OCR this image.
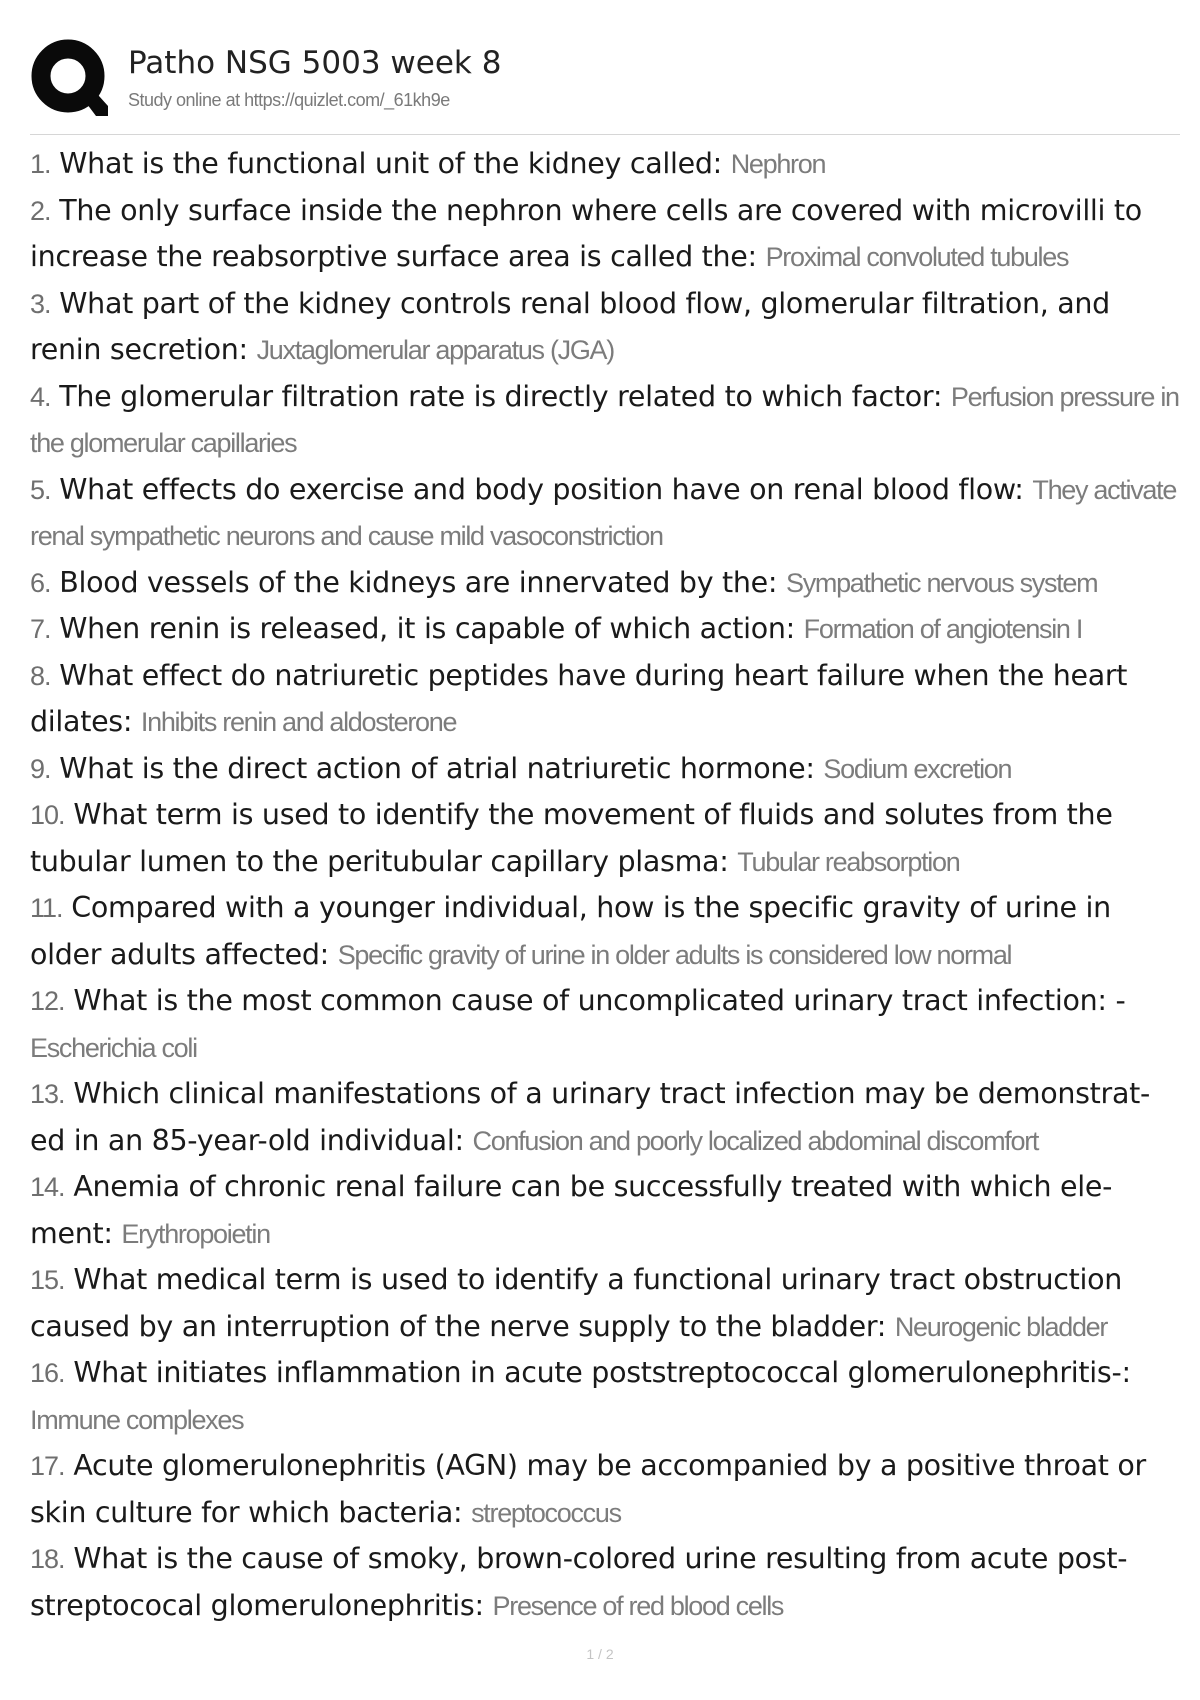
Patho NSG 5003 week 8
Study online at https://quizlet.com/_61kh9e
1. What is the functional unit of the kidney called: Nephron
2. The only surface inside the nephron where cells are covered with microvilli to increase the reabsorptive surface area is called the: Proximal convoluted tubules
3. What part of the kidney controls renal blood flow, glomerular filtration, and renin secretion: Juxtaglomerular apparatus (JGA)
4. The glomerular filtration rate is directly related to which factor: Perfusion pressure in the glomerular capillaries
5. What effects do exercise and body position have on renal blood flow: They activate renal sympathetic neurons and cause mild vasoconstriction
6. Blood vessels of the kidneys are innervated by the: Sympathetic nervous system
7. When renin is released, it is capable of which action: Formation of angiotensin I
8. What effect do natriuretic peptides have during heart failure when the heart dilates: Inhibits renin and aldosterone
9. What is the direct action of atrial natriuretic hormone: Sodium excretion
10. What term is used to identify the movement of fluids and solutes from the tubular lumen to the peritubular capillary plasma: Tubular reabsorption
11. Compared with a younger individual, how is the specific gravity of urine in older adults affected: Specific gravity of urine in older adults is considered low normal
12. What is the most common cause of uncomplicated urinary tract infection: - Escherichia coli
13. Which clinical manifestations of a urinary tract infection may be demonstrat-ed in an 85-year-old individual: Confusion and poorly localized abdominal discomfort
14. Anemia of chronic renal failure can be successfully treated with which ele-ment: Erythropoietin
15. What medical term is used to identify a functional urinary tract obstruction caused by an interruption of the nerve supply to the bladder: Neurogenic bladder
16. What initiates inflammation in acute poststreptococcal glomerulonephritis-: Immune complexes
17. Acute glomerulonephritis (AGN) may be accompanied by a positive throat or skin culture for which bacteria: streptococcus
18. What is the cause of smoky, brown-colored urine resulting from acute post-streptococal glomerulonephritis: Presence of red blood cells
1 / 2
